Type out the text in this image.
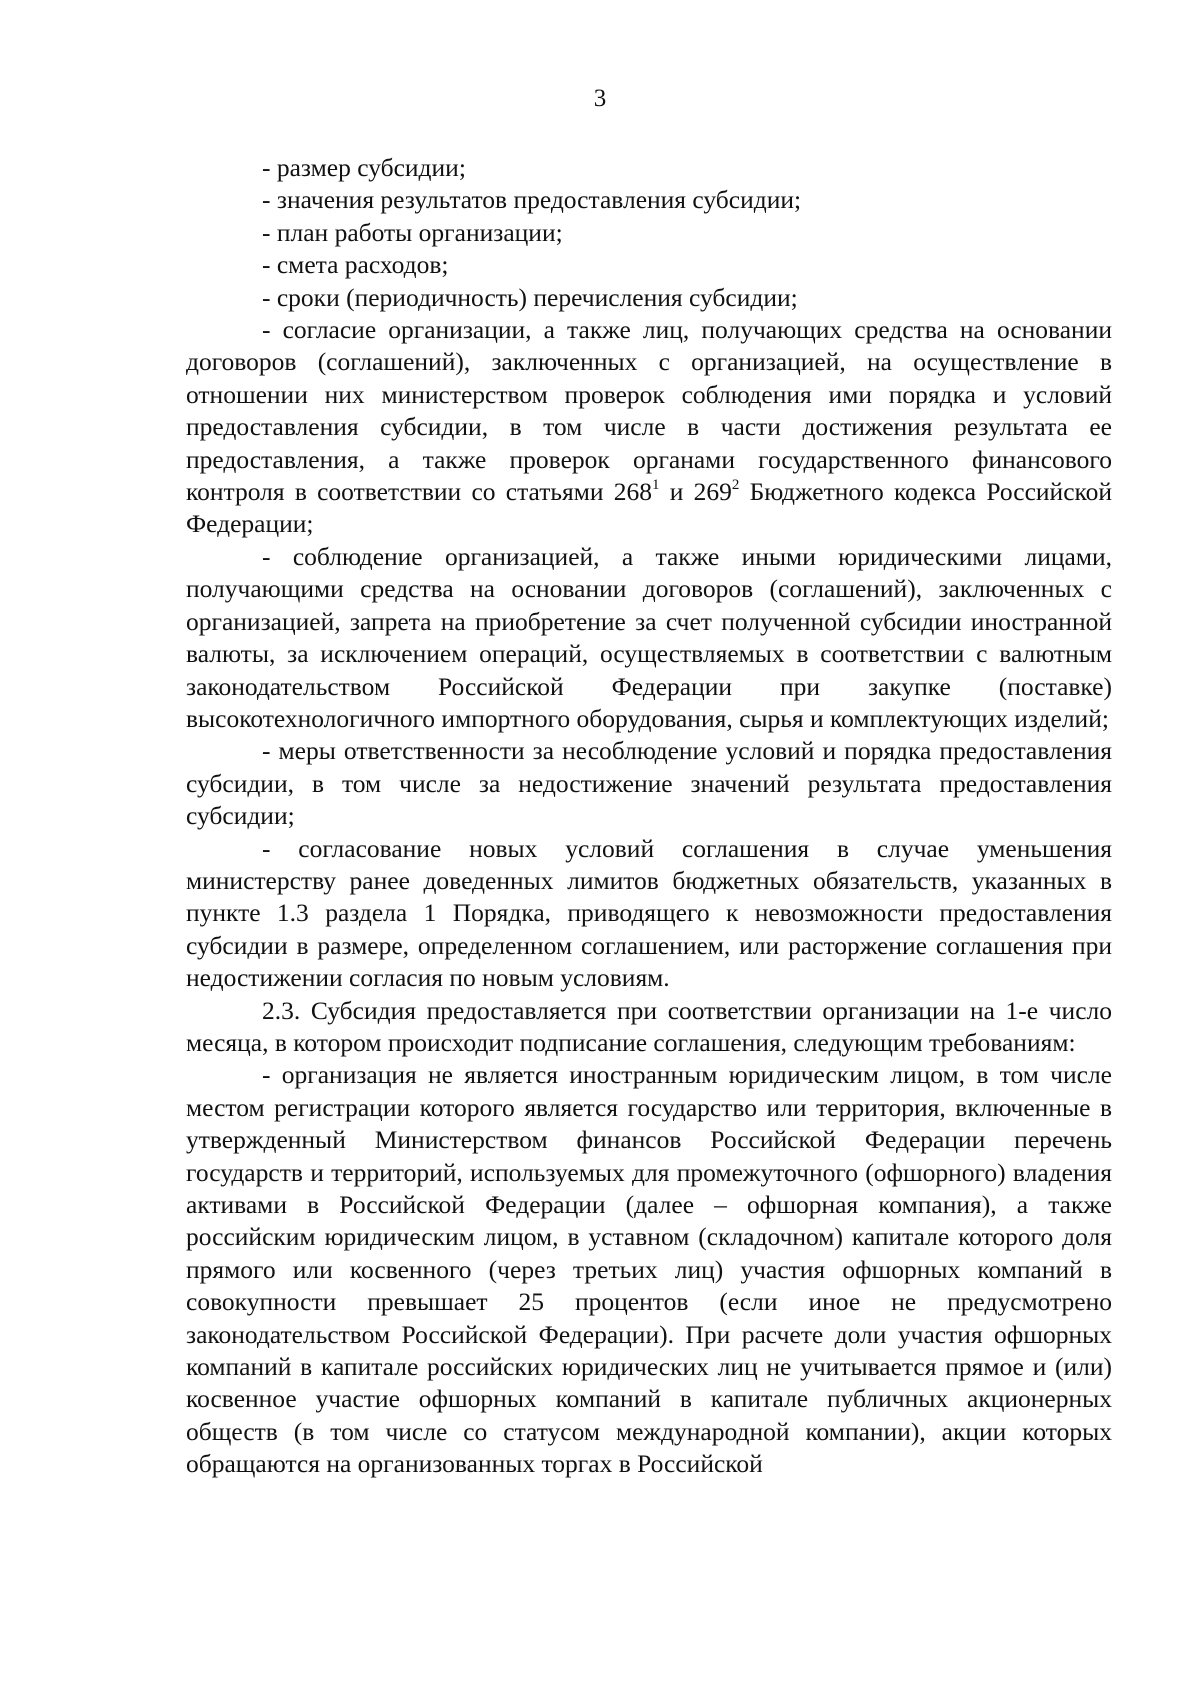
3

- размер субсидии;

- значения результатов предоставления субсидии;

- план работы организации;

- смета расходов;

- сроки (периодичность) перечисления субсидии;

- согласие организации, а также лиц, получающих средства на основании договоров (соглашений), заключенных с организацией, на осуществление в отношении них министерством проверок соблюдения ими порядка и условий предоставления субсидии, в том числе в части достижения результата ее предоставления, а также проверок органами государственного финансового контроля в соответствии со статьями $268^1$ и $269^2$ Бюджетного кодекса Российской Федерации;

- соблюдение организацией, а также иными юридическими лицами, получающими средства на основании договоров (соглашений), заключенных с организацией, запрета на приобретение за счет полученной субсидии иностранной валюты, за исключением операций, осуществляемых в соответствии с валютным законодательством Российской Федерации при закупке (поставке) высокотехнологичного импортного оборудования, сырья и комплектующих изделий;

- меры ответственности за несоблюдение условий и порядка предоставления субсидии, в том числе за недостижение значений результата предоставления субсидии;

- согласование новых условий соглашения в случае уменьшения министерству ранее доведенных лимитов бюджетных обязательств, указанных в пункте 1.3 раздела 1 Порядка, приводящего к невозможности предоставления субсидии в размере, определенном соглашением, или расторжение соглашения при недостижении согласия по новым условиям.

2.3. Субсидия предоставляется при соответствии организации на 1-е число месяца, в котором происходит подписание соглашения, следующим требованиям:

- организация не является иностранным юридическим лицом, в том числе местом регистрации которого является государство или территория, включенные в утвержденный Министерством финансов Российской Федерации перечень государств и территорий, используемых для промежуточного (офшорного) владения активами в Российской Федерации (далее – офшорная компания), а также российским юридическим лицом, в уставном (складочном) капитале которого доля прямого или косвенного (через третьих лиц) участия офшорных компаний в совокупности превышает 25 процентов (если иное не предусмотрено законодательством Российской Федерации). При расчете доли участия офшорных компаний в капитале российских юридических лиц не учитывается прямое и (или) косвенное участие офшорных компаний в капитале публичных акционерных обществ (в том числе со статусом международной компании), акции которых обращаются на организованных торгах в Российской
